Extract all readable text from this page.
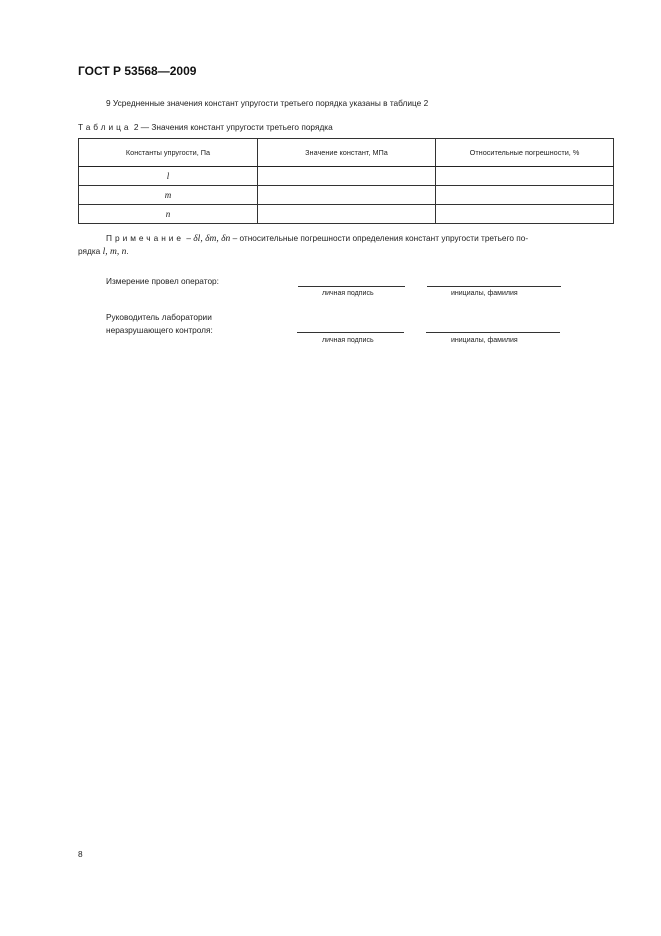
ГОСТ Р 53568—2009
9 Усредненные значения констант упругости третьего порядка указаны в таблице 2
Таблица 2 — Значения констант упругости третьего порядка
Константы упругости, Па	Значение констант, МПа	Относительные погрешности, %
l		
m		
n		
Примечание – δl, δm, δn – относительные погрешности определения констант упругости третьего по-
рядка l, m, n.
Измерение провел оператор:
личная подпись	инициалы, фамилия
Руководитель лаборатории
неразрушающего контроля:
личная подпись	инициалы, фамилия
8
